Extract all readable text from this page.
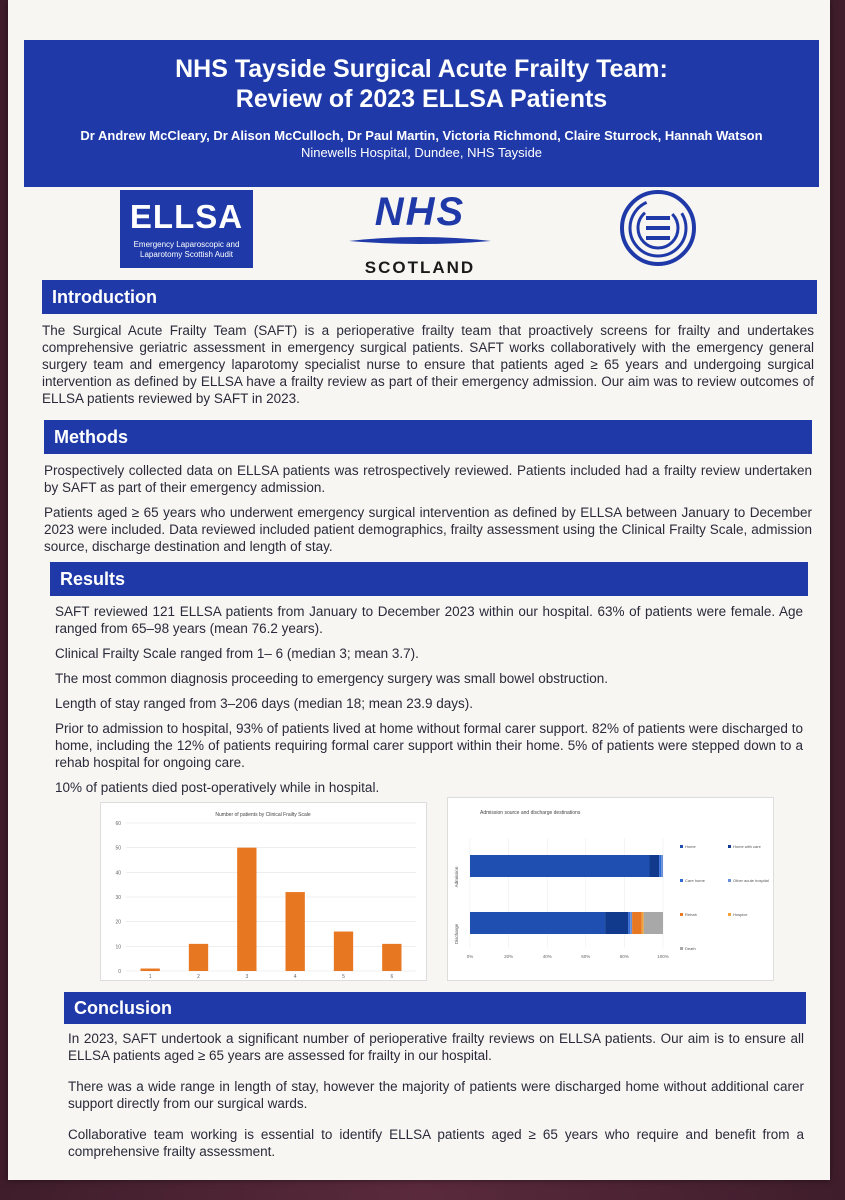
NHS Tayside Surgical Acute Frailty Team:
Review of 2023 ELLSA Patients
Dr Andrew McCleary, Dr Alison McCulloch, Dr Paul Martin, Victoria Richmond, Claire Sturrock, Hannah Watson
Ninewells Hospital, Dundee, NHS Tayside
ELLSA
Emergency Laparoscopic and
Laparotomy Scottish Audit
NHS
SCOTLAND
Introduction
The Surgical Acute Frailty Team (SAFT) is a perioperative frailty team that proactively screens for frailty and undertakes comprehensive geriatric assessment in emergency surgical patients. SAFT works collaboratively with the emergency general surgery team and emergency laparotomy specialist nurse to ensure that patients aged ≥ 65 years and undergoing surgical intervention as defined by ELLSA have a frailty review as part of their emergency admission. Our aim was to review outcomes of ELLSA patients reviewed by SAFT in 2023.
Methods

Prospectively collected data on ELLSA patients was retrospectively reviewed. Patients included had a frailty review undertaken by SAFT as part of their emergency admission.

Patients aged ≥ 65 years who underwent emergency surgical intervention as defined by ELLSA between January to December 2023 were included. Data reviewed included patient demographics, frailty assessment using the Clinical Frailty Scale, admission source, discharge destination and length of stay.

Results

SAFT reviewed 121 ELLSA patients from January to December 2023 within our hospital. 63% of patients were female. Age ranged from 65–98 years (mean 76.2 years).

Clinical Frailty Scale ranged from 1– 6 (median 3; mean 3.7).

The most common diagnosis proceeding to emergency surgery was small bowel obstruction.

Length of stay ranged from 3–206 days (median 18; mean 23.9 days).

Prior to admission to hospital, 93% of patients lived at home without formal carer support. 82% of patients were discharged to home, including the 12% of patients requiring formal carer support within their home. 5% of patients were stepped down to a rehab hospital for ongoing care.

10% of patients died post-operatively while in hospital.

Number of patients by Clinical Frailty Scale
0
10
20
30
40
50
60
1	2	3	4	5	6
Admission source and discharge destinations
0%	20%	40%	60%	80%	100%
Admission
Discharge
Home	Home with care
Care home	Other acute hospital
Rehab	Hospice
Death
Conclusion

In 2023, SAFT undertook a significant number of perioperative frailty reviews on ELLSA patients. Our aim is to ensure all ELLSA patients aged ≥ 65 years are assessed for frailty in our hospital.

There was a wide range in length of stay, however the majority of patients were discharged home without additional carer support directly from our surgical wards.

Collaborative team working is essential to identify ELLSA patients aged ≥ 65 years who require and benefit from a comprehensive frailty assessment.
